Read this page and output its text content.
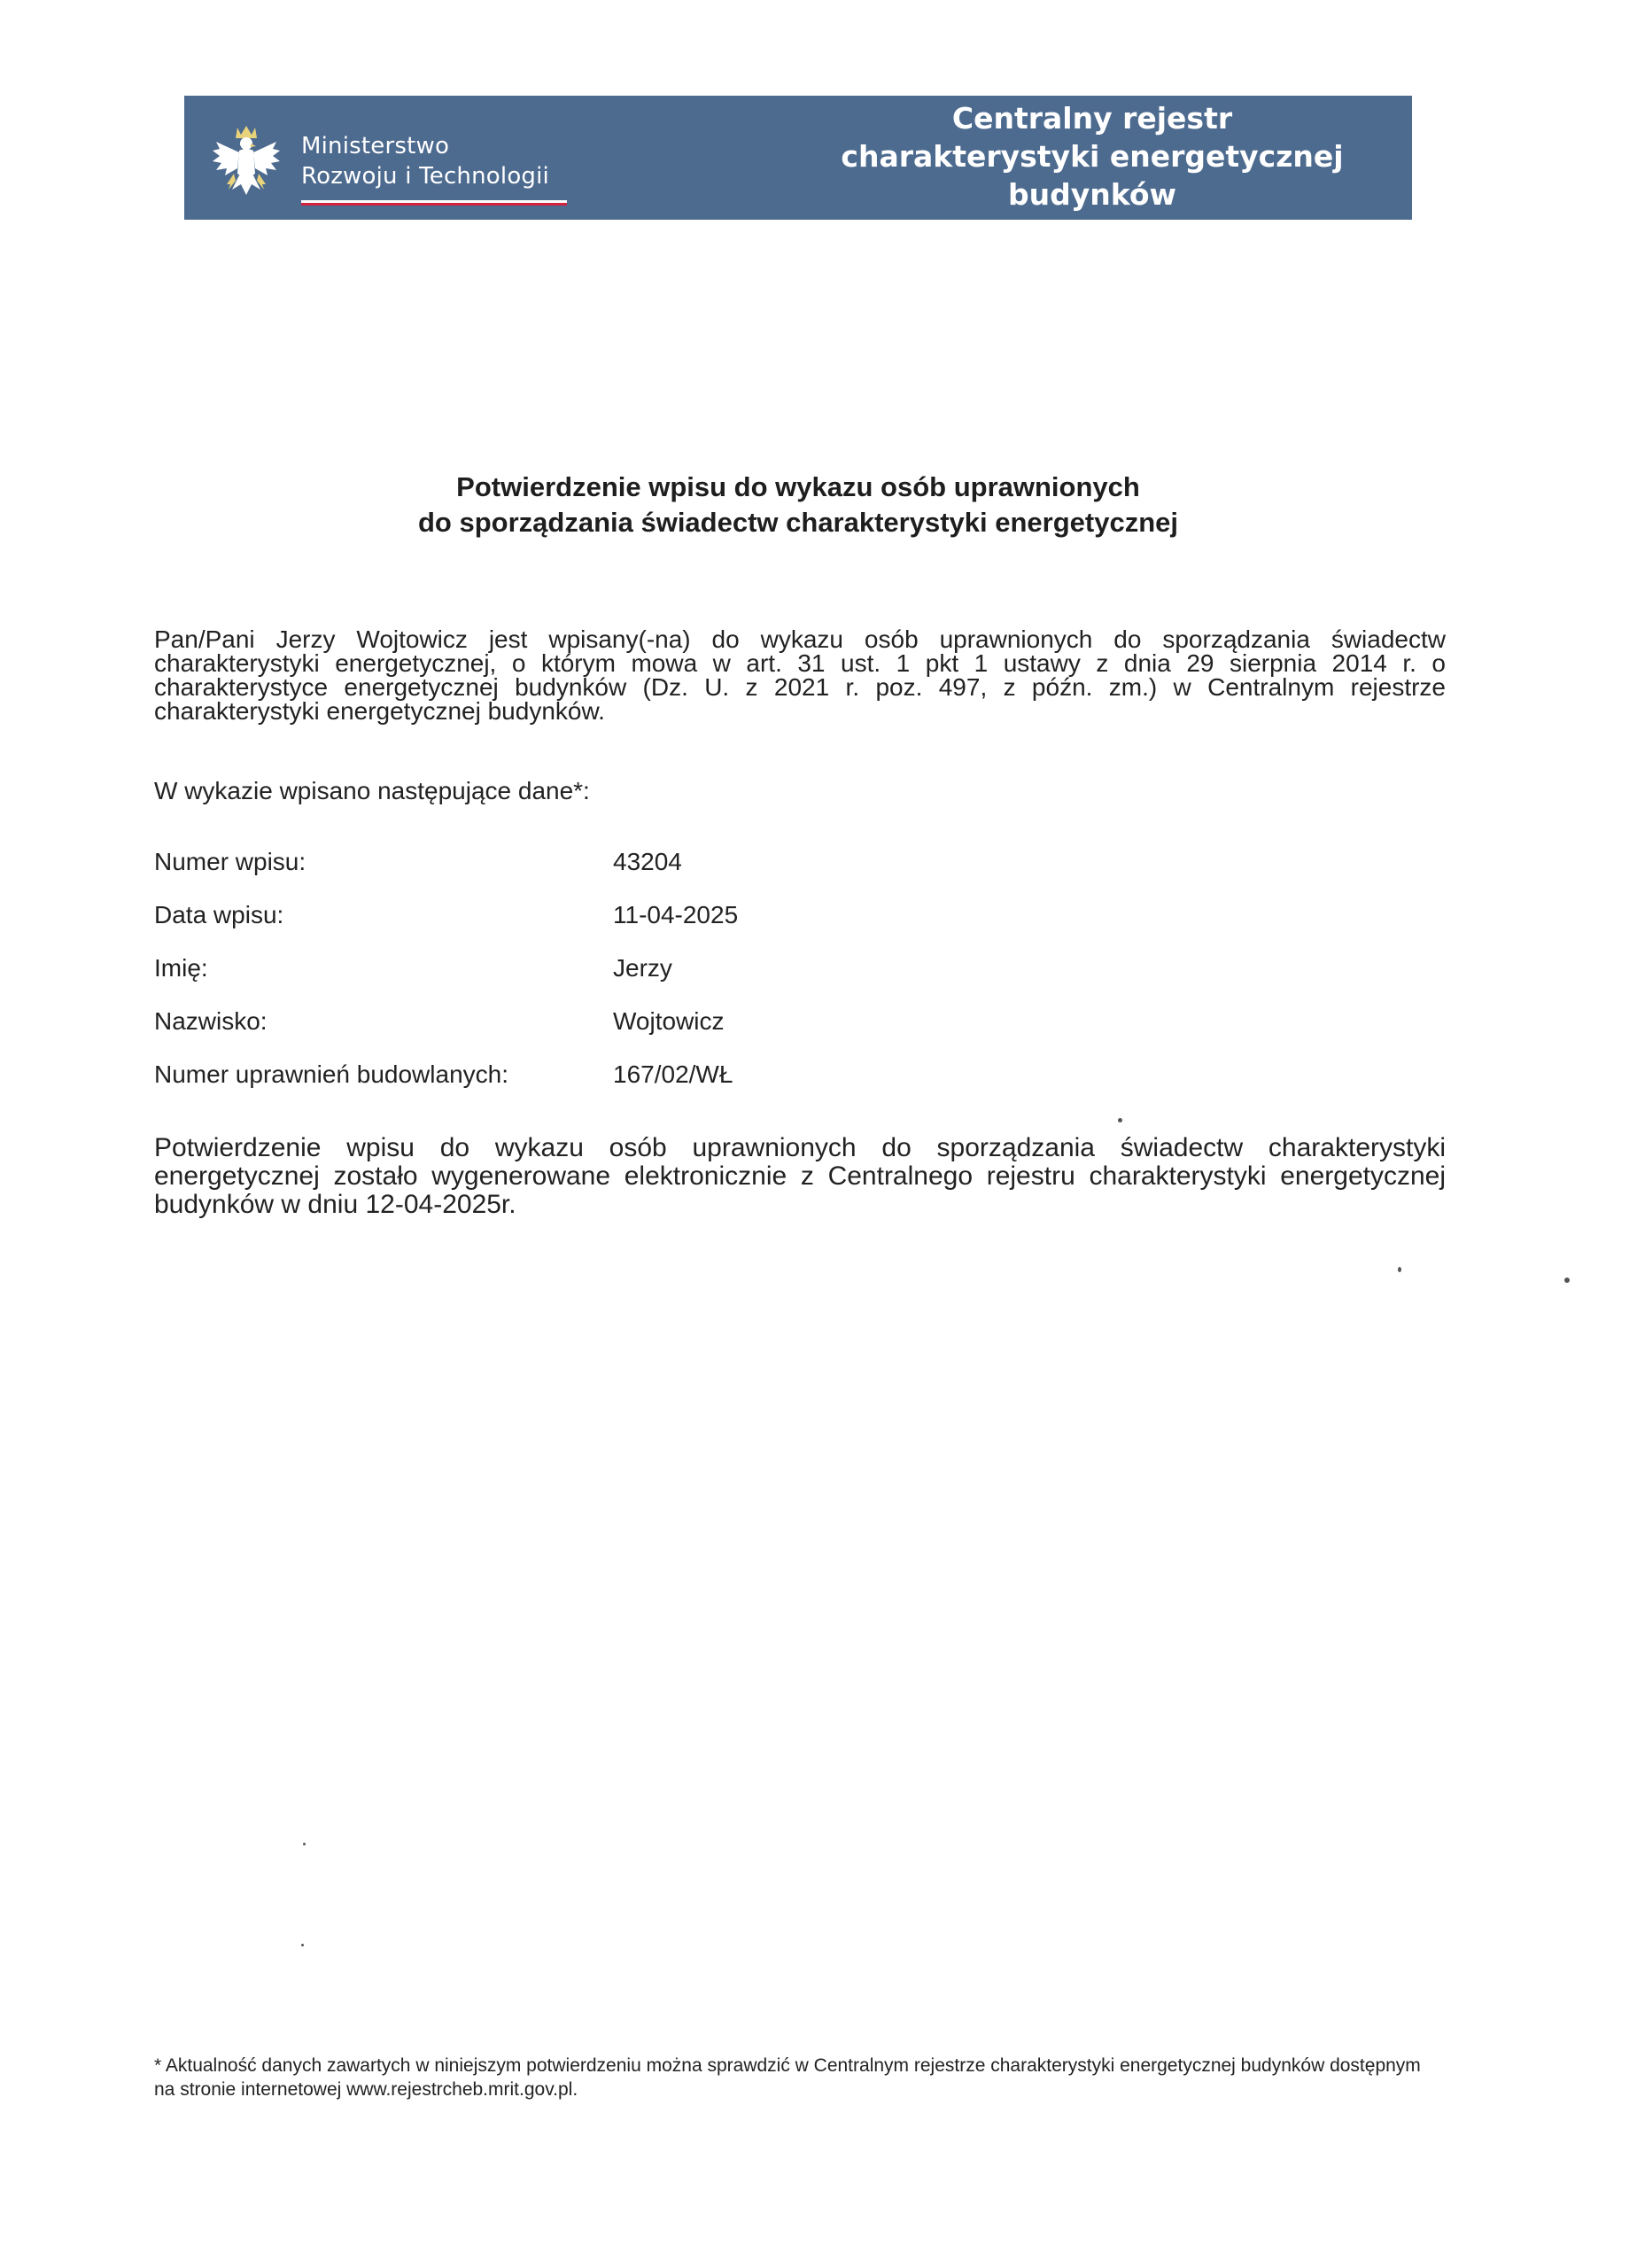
Ministerstwo
Rozwoju i Technologii
Centralny rejestr
charakterystyki energetycznej
budynków
Potwierdzenie wpisu do wykazu osób uprawnionych
do sporządzania świadectw charakterystyki energetycznej
Pan/Pani Jerzy Wojtowicz jest wpisany(-na) do wykazu osób uprawnionych do sporządzania świadectw charakterystyki energetycznej, o którym mowa w art. 31 ust. 1 pkt 1 ustawy z dnia 29 sierpnia 2014 r. o charakterystyce energetycznej budynków (Dz. U. z 2021 r. poz. 497, z późn. zm.) w Centralnym rejestrze charakterystyki energetycznej budynków.
W wykazie wpisano następujące dane*:
Numer wpisu:	43204
Data wpisu:	11-04-2025
Imię:	Jerzy
Nazwisko:	Wojtowicz
Numer uprawnień budowlanych:	167/02/WŁ
Potwierdzenie wpisu do wykazu osób uprawnionych do sporządzania świadectw charakterystyki energetycznej zostało wygenerowane elektronicznie z Centralnego rejestru charakterystyki energetycznej budynków w dniu 12-04-2025r.
* Aktualność danych zawartych w niniejszym potwierdzeniu można sprawdzić w Centralnym rejestrze charakterystyki energetycznej budynków dostępnym na stronie internetowej www.rejestrcheb.mrit.gov.pl.
